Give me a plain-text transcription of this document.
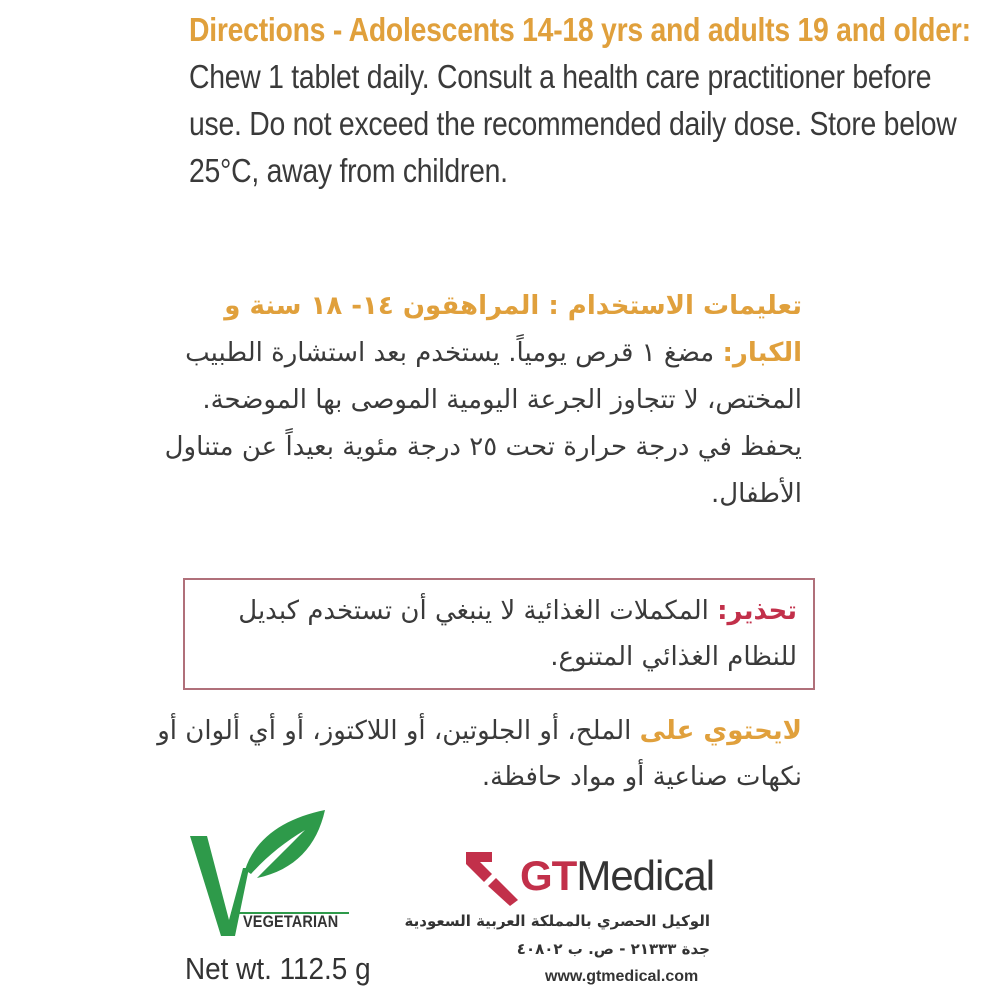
Directions - Adolescents 14-18 yrs and adults 19 and older: Chew 1 tablet daily. Consult a health care practitioner before use. Do not exceed the recommended daily dose. Store below 25°C, away from children.
تعليمات الاستخدام : المراهقون ١٤- ١٨ سنة و الكبار: مضغ ١ قرص يومياً. يستخدم بعد استشارة الطبيب المختص، لا تتجاوز الجرعة اليومية الموصى بها الموضحة. يحفظ في درجة حرارة تحت ٢٥ درجة مئوية بعيداً عن متناول الأطفال.
تحذير: المكملات الغذائية لا ينبغي أن تستخدم كبديل للنظام الغذائي المتنوع.
لايحتوي على الملح، أو الجلوتين، أو اللاكتوز، أو أي ألوان أو نكهات صناعية أو مواد حافظة.
VEGETARIAN
Net wt. 112.5 g
GTMedical
الوكيل الحصري بالمملكة العربية السعودية
جدة ٢١٣٣٣ - ص. ب ٤٠٨٠٢
www.gtmedical.com
